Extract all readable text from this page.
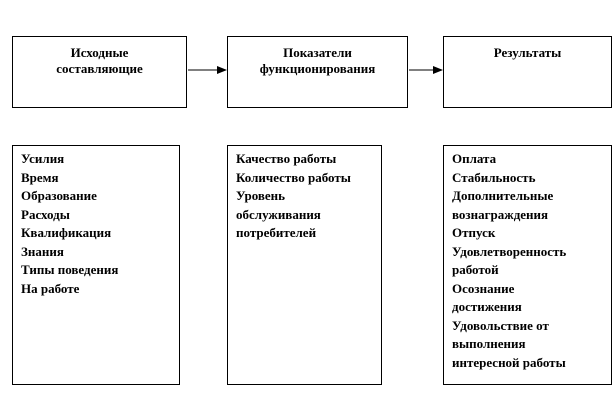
Исходные
составляющие
Показатели
функционирования
Результаты
Усилия
Время
Образование
Расходы
Квалификация
Знания
Типы поведения
На работе
Качество работы
Количество работы
Уровень
обслуживания
потребителей
Оплата
Стабильность
Дополнительные
вознаграждения
Отпуск
Удовлетворенность
работой
Осознание
достижения
Удовольствие от
выполнения
интересной работы
